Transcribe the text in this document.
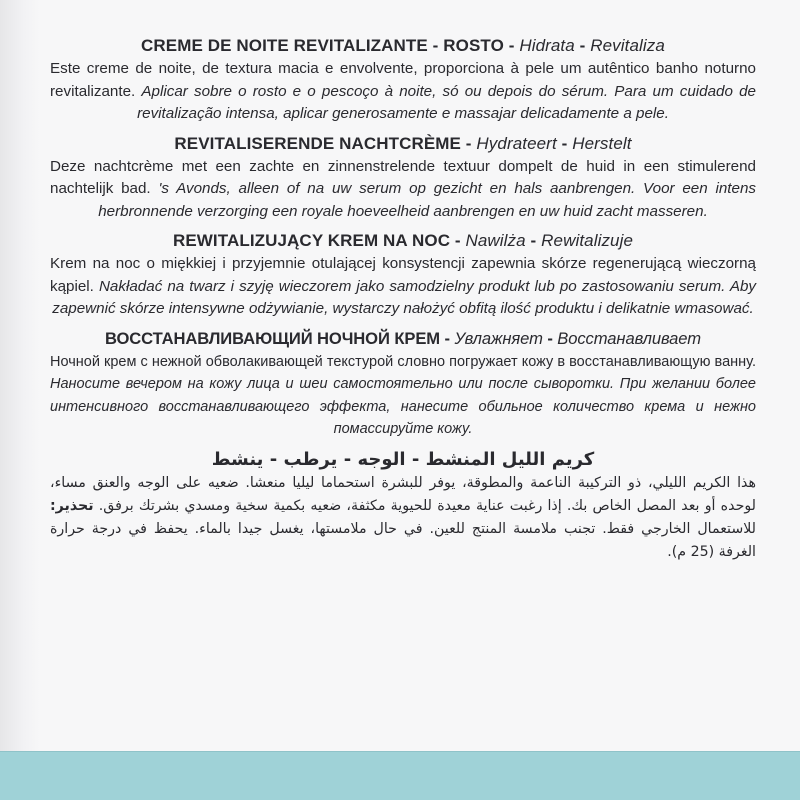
CREME DE NOITE REVITALIZANTE - ROSTO - Hidrata - Revitaliza
Este creme de noite, de textura macia e envolvente, proporciona à pele um autêntico banho noturno revitalizante. Aplicar sobre o rosto e o pescoço à noite, só ou depois do sérum. Para um cuidado de revitalização intensa, aplicar generosamente e massajar delicadamente a pele.
REVITALISERENDE NACHTCRÈME - Hydrateert - Herstelt
Deze nachtcrème met een zachte en zinnenstrelende textuur dompelt de huid in een stimulerend nachtelijk bad. 's Avonds, alleen of na uw serum op gezicht en hals aanbrengen. Voor een intens herbronnende verzorging een royale hoeveelheid aanbrengen en uw huid zacht masseren.
REWITALIZUJĄCY KREM NA NOC - Nawilża - Rewitalizuje
Krem na noc o miękkiej i przyjemnie otulającej konsystencji zapewnia skórze regenerującą wieczorną kąpiel. Nakładać na twarz i szyję wieczorem jako samodzielny produkt lub po zastosowaniu serum. Aby zapewnić skórze intensywne odżywianie, wystarczy nałożyć obfitą ilość produktu i delikatnie wmasować.
ВОССТАНАВЛИВАЮЩИЙ НОЧНОЙ КРЕМ - Увлажняет - Восстанавливает
Ночной крем с нежной обволакивающей текстурой словно погружает кожу в восстанавливающую ванну. Наносите вечером на кожу лица и шеи самостоятельно или после сыворотки. При желании более интенсивного восстанавливающего эффекта, нанесите обильное количество крема и нежно помассируйте кожу.
كريم الليل المنشط - الوجه - يرطب - ينشط
هذا الكريم الليلي، ذو التركيبة الناعمة والمطوقة، يوفر للبشرة استحماما ليليا منعشا. ضعيه على الوجه والعنق مساء، لوحده أو بعد المصل الخاص بك. إذا رغبت عناية معيدة للحيوية مكثفة، ضعيه بكمية سخية ومسدي بشرتك برفق. تحذير: للاستعمال الخارجي فقط. تجنب ملامسة المنتج للعين. في حال ملامستها، يغسل جيدا بالماء. يحفظ في درجة حرارة الغرفة (25 م).
